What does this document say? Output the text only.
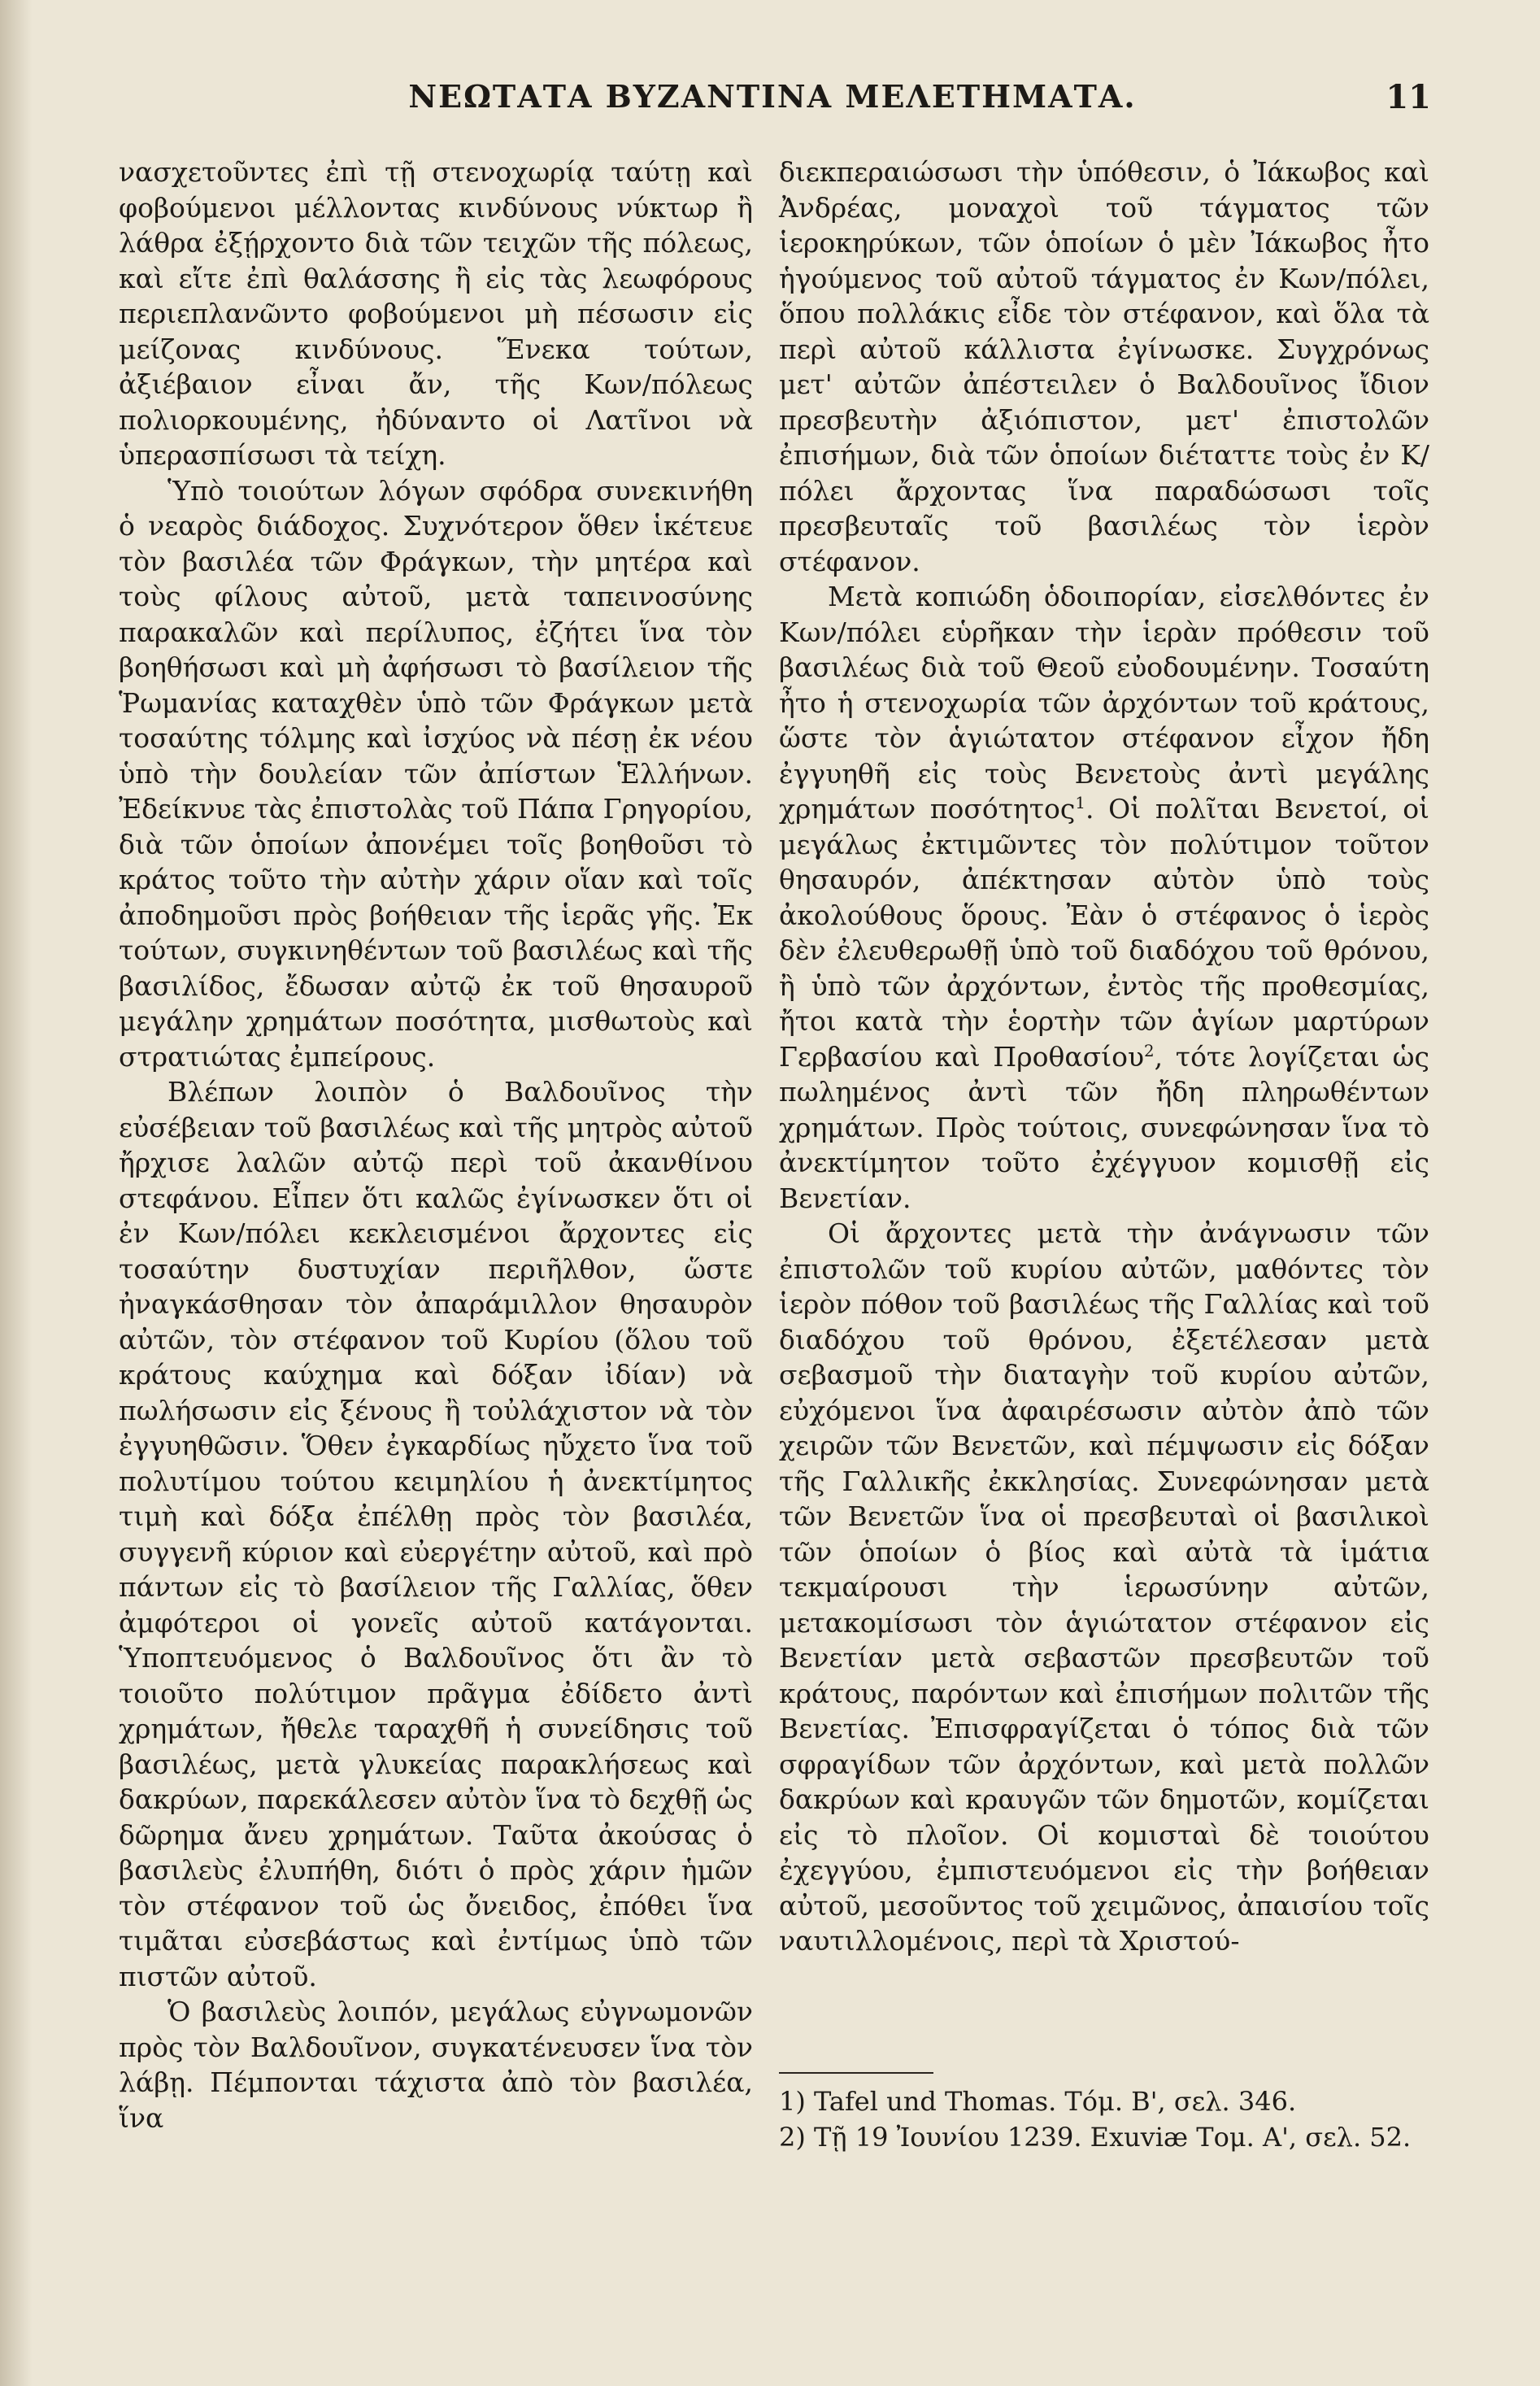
ΝΕΩΤΑΤΑ ΒΥΖΑΝΤΙΝΑ ΜΕΛΕΤΗΜΑΤΑ.	11

νασχετοῦντες ἐπὶ τῇ στενοχωρίᾳ ταύτῃ καὶ φοβούμενοι μέλλοντας κινδύνους νύκτωρ ἢ λάθρα ἐξῄρχοντο διὰ τῶν τειχῶν τῆς πόλεως, καὶ εἴτε ἐπὶ θαλάσσης ἢ εἰς τὰς λεωφόρους περιεπλανῶντο φοβούμενοι μὴ πέσωσιν εἰς μείζονας κινδύνους. Ἕνεκα τούτων, ἀξιέβαιον εἶναι ἄν, τῆς Κων/πόλεως πολιορκουμένης, ἠδύναντο οἱ Λατῖνοι νὰ ὑπερασπίσωσι τὰ τείχη.

Ὑπὸ τοιούτων λόγων σφόδρα συνεκινήθη ὁ νεαρὸς διάδοχος. Συχνότερον ὅθεν ἱκέτευε τὸν βασιλέα τῶν Φράγκων, τὴν μητέρα καὶ τοὺς φίλους αὐτοῦ, μετὰ ταπεινοσύνης παρακαλῶν καὶ περίλυπος, ἐζήτει ἵνα τὸν βοηθήσωσι καὶ μὴ ἀφήσωσι τὸ βασίλειον τῆς Ῥωμανίας καταχθὲν ὑπὸ τῶν Φράγκων μετὰ τοσαύτης τόλμης καὶ ἰσχύος νὰ πέσῃ ἐκ νέου ὑπὸ τὴν δουλείαν τῶν ἀπίστων Ἑλλήνων. Ἐδείκνυε τὰς ἐπιστολὰς τοῦ Πάπα Γρηγορίου, διὰ τῶν ὁποίων ἀπονέμει τοῖς βοηθοῦσι τὸ κράτος τοῦτο τὴν αὐτὴν χάριν οἵαν καὶ τοῖς ἀποδημοῦσι πρὸς βοήθειαν τῆς ἱερᾶς γῆς. Ἐκ τούτων, συγκινηθέντων τοῦ βασιλέως καὶ τῆς βασιλίδος, ἔδωσαν αὐτῷ ἐκ τοῦ θησαυροῦ μεγάλην χρημάτων ποσότητα, μισθωτοὺς καὶ στρατιώτας ἐμπείρους.

Βλέπων λοιπὸν ὁ Βαλδουῖνος τὴν εὐσέβειαν τοῦ βασιλέως καὶ τῆς μητρὸς αὐτοῦ ἤρχισε λαλῶν αὐτῷ περὶ τοῦ ἀκανθίνου στεφάνου. Εἶπεν ὅτι καλῶς ἐγίνωσκεν ὅτι οἱ ἐν Κων/πόλει κεκλεισμένοι ἄρχοντες εἰς τοσαύτην δυστυχίαν περιῆλθον, ὥστε ἠναγκάσθησαν τὸν ἀπαράμιλλον θησαυρὸν αὐτῶν, τὸν στέφανον τοῦ Κυρίου (ὅλου τοῦ κράτους καύχημα καὶ δόξαν ἰδίαν) νὰ πωλήσωσιν εἰς ξένους ἢ τοὐλάχιστον νὰ τὸν ἐγγυηθῶσιν. Ὅθεν ἐγκαρδίως ηὔχετο ἵνα τοῦ πολυτίμου τούτου κειμηλίου ἡ ἀνεκτίμητος τιμὴ καὶ δόξα ἐπέλθῃ πρὸς τὸν βασιλέα, συγγενῆ κύριον καὶ εὐεργέτην αὐτοῦ, καὶ πρὸ πάντων εἰς τὸ βασίλειον τῆς Γαλλίας, ὅθεν ἀμφότεροι οἱ γονεῖς αὐτοῦ κατάγονται. Ὑποπτευόμενος ὁ Βαλδουῖνος ὅτι ἂν τὸ τοιοῦτο πολύτιμον πρᾶγμα ἐδίδετο ἀντὶ χρημάτων, ἤθελε ταραχθῆ ἡ συνείδησις τοῦ βασιλέως, μετὰ γλυκείας παρακλήσεως καὶ δακρύων, παρεκάλεσεν αὐτὸν ἵνα τὸ δεχθῇ ὡς δῶρημα ἄνευ χρημάτων. Ταῦτα ἀκούσας ὁ βασιλεὺς ἐλυπήθη, διότι ὁ πρὸς χάριν ἡμῶν τὸν στέφανον τοῦ ὡς ὄνειδος, ἐπόθει ἵνα τιμᾶται εὐσεβάστως καὶ ἐντίμως ὑπὸ τῶν πιστῶν αὐτοῦ.

Ὁ βασιλεὺς λοιπόν, μεγάλως εὐγνωμονῶν πρὸς τὸν Βαλδουῖνον, συγκατένευσεν ἵνα τὸν λάβῃ. Πέμπονται τάχιστα ἀπὸ τὸν βασιλέα, ἵνα

διεκπεραιώσωσι τὴν ὑπόθεσιν, ὁ Ἰάκωβος καὶ Ἀνδρέας, μοναχοὶ τοῦ τάγματος τῶν ἱεροκηρύκων, τῶν ὁποίων ὁ μὲν Ἰάκωβος ἦτο ἡγούμενος τοῦ αὐτοῦ τάγματος ἐν Κων/πόλει, ὅπου πολλάκις εἶδε τὸν στέφανον, καὶ ὅλα τὰ περὶ αὐτοῦ κάλλιστα ἐγίνωσκε. Συγχρόνως μετ' αὐτῶν ἀπέστειλεν ὁ Βαλδουῖνος ἴδιον πρεσβευτὴν ἀξιόπιστον, μετ' ἐπιστολῶν ἐπισήμων, διὰ τῶν ὁποίων διέταττε τοὺς ἐν Κ/πόλει ἄρχοντας ἵνα παραδώσωσι τοῖς πρεσβευταῖς τοῦ βασιλέως τὸν ἱερὸν στέφανον.

Μετὰ κοπιώδη ὁδοιπορίαν, εἰσελθόντες ἐν Κων/πόλει εὑρῆκαν τὴν ἱερὰν πρόθεσιν τοῦ βασιλέως διὰ τοῦ Θεοῦ εὐοδουμένην. Τοσαύτη ἦτο ἡ στενοχωρία τῶν ἀρχόντων τοῦ κράτους, ὥστε τὸν ἁγιώτατον στέφανον εἶχον ἤδη ἐγγυηθῆ εἰς τοὺς Βενετοὺς ἀντὶ μεγάλης χρημάτων ποσότητος$^1$. Οἱ πολῖται Βενετοί, οἱ μεγάλως ἐκτιμῶντες τὸν πολύτιμον τοῦτον θησαυρόν, ἀπέκτησαν αὐτὸν ὑπὸ τοὺς ἀκολούθους ὅρους. Ἐὰν ὁ στέφανος ὁ ἱερὸς δὲν ἐλευθερωθῇ ὑπὸ τοῦ διαδόχου τοῦ θρόνου, ἢ ὑπὸ τῶν ἀρχόντων, ἐντὸς τῆς προθεσμίας, ἤτοι κατὰ τὴν ἑορτὴν τῶν ἁγίων μαρτύρων Γερβασίου καὶ Προθασίου$^2$, τότε λογίζεται ὡς πωλημένος ἀντὶ τῶν ἤδη πληρωθέντων χρημάτων. Πρὸς τούτοις, συνεφώνησαν ἵνα τὸ ἀνεκτίμητον τοῦτο ἐχέγγυον κομισθῇ εἰς Βενετίαν.

Οἱ ἄρχοντες μετὰ τὴν ἀνάγνωσιν τῶν ἐπιστολῶν τοῦ κυρίου αὐτῶν, μαθόντες τὸν ἱερὸν πόθον τοῦ βασιλέως τῆς Γαλλίας καὶ τοῦ διαδόχου τοῦ θρόνου, ἐξετέλεσαν μετὰ σεβασμοῦ τὴν διαταγὴν τοῦ κυρίου αὐτῶν, εὐχόμενοι ἵνα ἀφαιρέσωσιν αὐτὸν ἀπὸ τῶν χειρῶν τῶν Βενετῶν, καὶ πέμψωσιν εἰς δόξαν τῆς Γαλλικῆς ἐκκλησίας. Συνεφώνησαν μετὰ τῶν Βενετῶν ἵνα οἱ πρεσβευταὶ οἱ βασιλικοὶ τῶν ὁποίων ὁ βίος καὶ αὐτὰ τὰ ἱμάτια τεκμαίρουσι τὴν ἱερωσύνην αὐτῶν, μετακομίσωσι τὸν ἁγιώτατον στέφανον εἰς Βενετίαν μετὰ σεβαστῶν πρεσβευτῶν τοῦ κράτους, παρόντων καὶ ἐπισήμων πολιτῶν τῆς Βενετίας. Ἐπισφραγίζεται ὁ τόπος διὰ τῶν σφραγίδων τῶν ἀρχόντων, καὶ μετὰ πολλῶν δακρύων καὶ κραυγῶν τῶν δημοτῶν, κομίζεται εἰς τὸ πλοῖον. Οἱ κομισταὶ δὲ τοιούτου ἐχεγγύου, ἐμπιστευόμενοι εἰς τὴν βοήθειαν αὐτοῦ, μεσοῦντος τοῦ χειμῶνος, ἀπαισίου τοῖς ναυτιλλομένοις, περὶ τὰ Χριστού-

1) Tafel und Thomas. Τόμ. Β', σελ. 346.
2) Τῇ 19 Ἰουνίου 1239. Exuviæ Τομ. Α', σελ. 52.
